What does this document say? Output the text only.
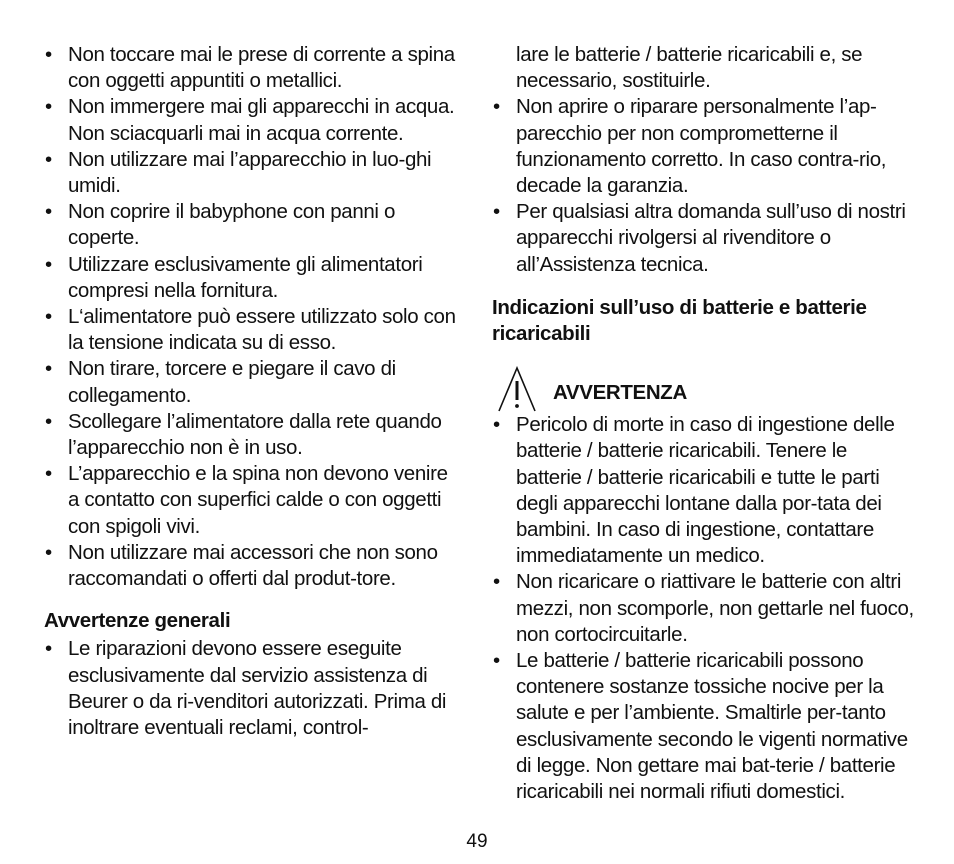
• Non toccare mai le prese di corrente a spina con oggetti appuntiti o metallici.
• Non immergere mai gli apparecchi in acqua. Non sciacquarli mai in acqua corrente.
• Non utilizzare mai l’apparecchio in luo-ghi umidi.
• Non coprire il babyphone con panni o coperte.
• Utilizzare esclusivamente gli alimentatori compresi nella fornitura.
• L‘alimentatore può essere utilizzato solo con la tensione indicata su di esso.
• Non tirare, torcere e piegare il cavo di collegamento.
• Scollegare l’alimentatore dalla rete quando l’apparecchio non è in uso.
• L’apparecchio e la spina non devono venire a contatto con superfici calde o con oggetti con spigoli vivi.
• Non utilizzare mai accessori che non sono raccomandati o offerti dal produt-tore.
Avvertenze generali
• Le riparazioni devono essere eseguite esclusivamente dal servizio assistenza di Beurer o da ri-venditori autorizzati. Prima di inoltrare eventuali reclami, control-
lare le batterie / batterie ricaricabili e, se necessario, sostituirle.
• Non aprire o riparare personalmente l’ap-parecchio per non comprometterne il funzionamento corretto. In caso contra-rio, decade la garanzia.
• Per qualsiasi altra domanda sull’uso di nostri apparecchi rivolgersi al rivenditore o all’Assistenza tecnica.
Indicazioni sull’uso di batterie e batterie ricaricabili
AVVERTENZA
• Pericolo di morte in caso di ingestione delle batterie / batterie ricaricabili. Tenere le batterie / batterie ricaricabili e tutte le parti degli apparecchi lontane dalla por-tata dei bambini. In caso di ingestione, contattare immediatamente un medico.
• Non ricaricare o riattivare le batterie con altri mezzi, non scomporle, non gettarle nel fuoco, non cortocircuitarle.
• Le batterie / batterie ricaricabili possono contenere sostanze tossiche nocive per la salute e per l’ambiente. Smaltirle per-tanto esclusivamente secondo le vigenti normative di legge. Non gettare mai bat-terie / batterie ricaricabili nei normali rifiuti domestici.
49
